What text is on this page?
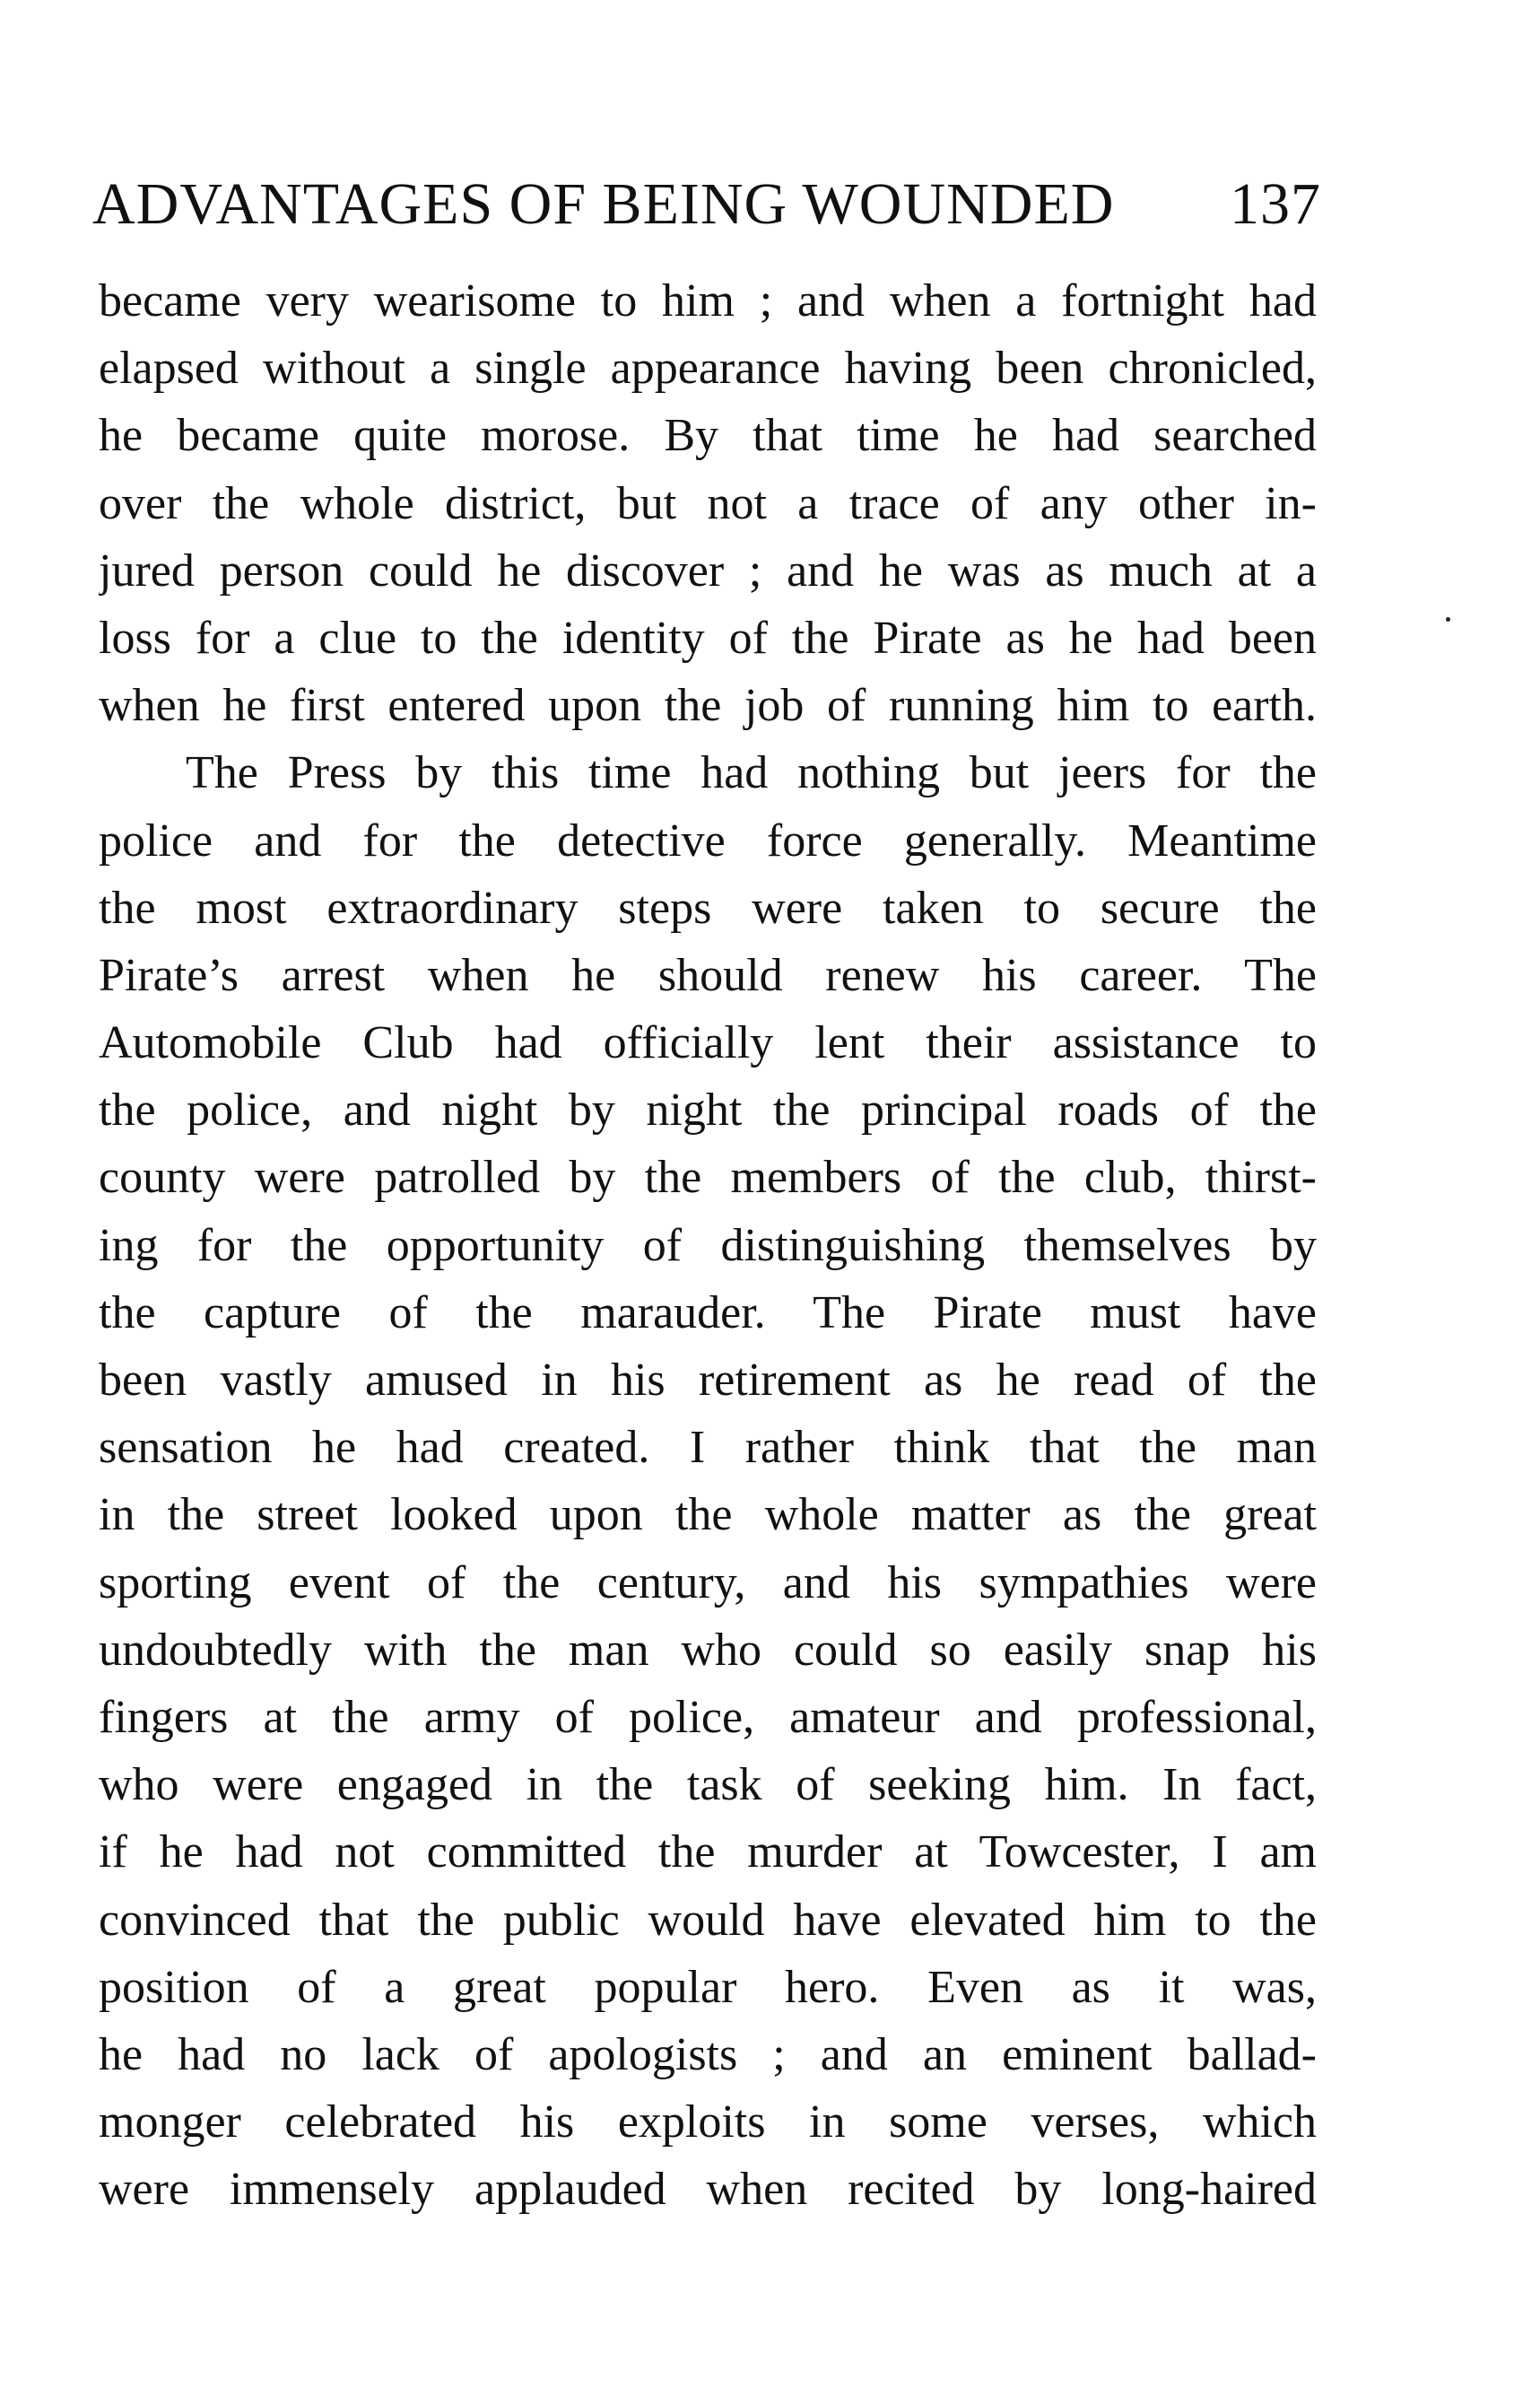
ADVANTAGES OF BEING WOUNDED 137
became very wearisome to him ; and when a fortnight had
elapsed without a single appearance having been chronicled,
he became quite morose. By that time he had searched
over the whole district, but not a trace of any other in-
jured person could he discover ; and he was as much at a
loss for a clue to the identity of the Pirate as he had been
when he first entered upon the job of running him to earth.
The Press by this time had nothing but jeers for the
police and for the detective force generally. Meantime
the most extraordinary steps were taken to secure the
Pirate’s arrest when he should renew his career. The
Automobile Club had officially lent their assistance to
the police, and night by night the principal roads of the
county were patrolled by the members of the club, thirst-
ing for the opportunity of distinguishing themselves by
the capture of the marauder. The Pirate must have
been vastly amused in his retirement as he read of the
sensation he had created. I rather think that the man
in the street looked upon the whole matter as the great
sporting event of the century, and his sympathies were
undoubtedly with the man who could so easily snap his
fingers at the army of police, amateur and professional,
who were engaged in the task of seeking him. In fact,
if he had not committed the murder at Towcester, I am
convinced that the public would have elevated him to the
position of a great popular hero. Even as it was,
he had no lack of apologists ; and an eminent ballad-
monger celebrated his exploits in some verses, which
were immensely applauded when recited by long-haired
